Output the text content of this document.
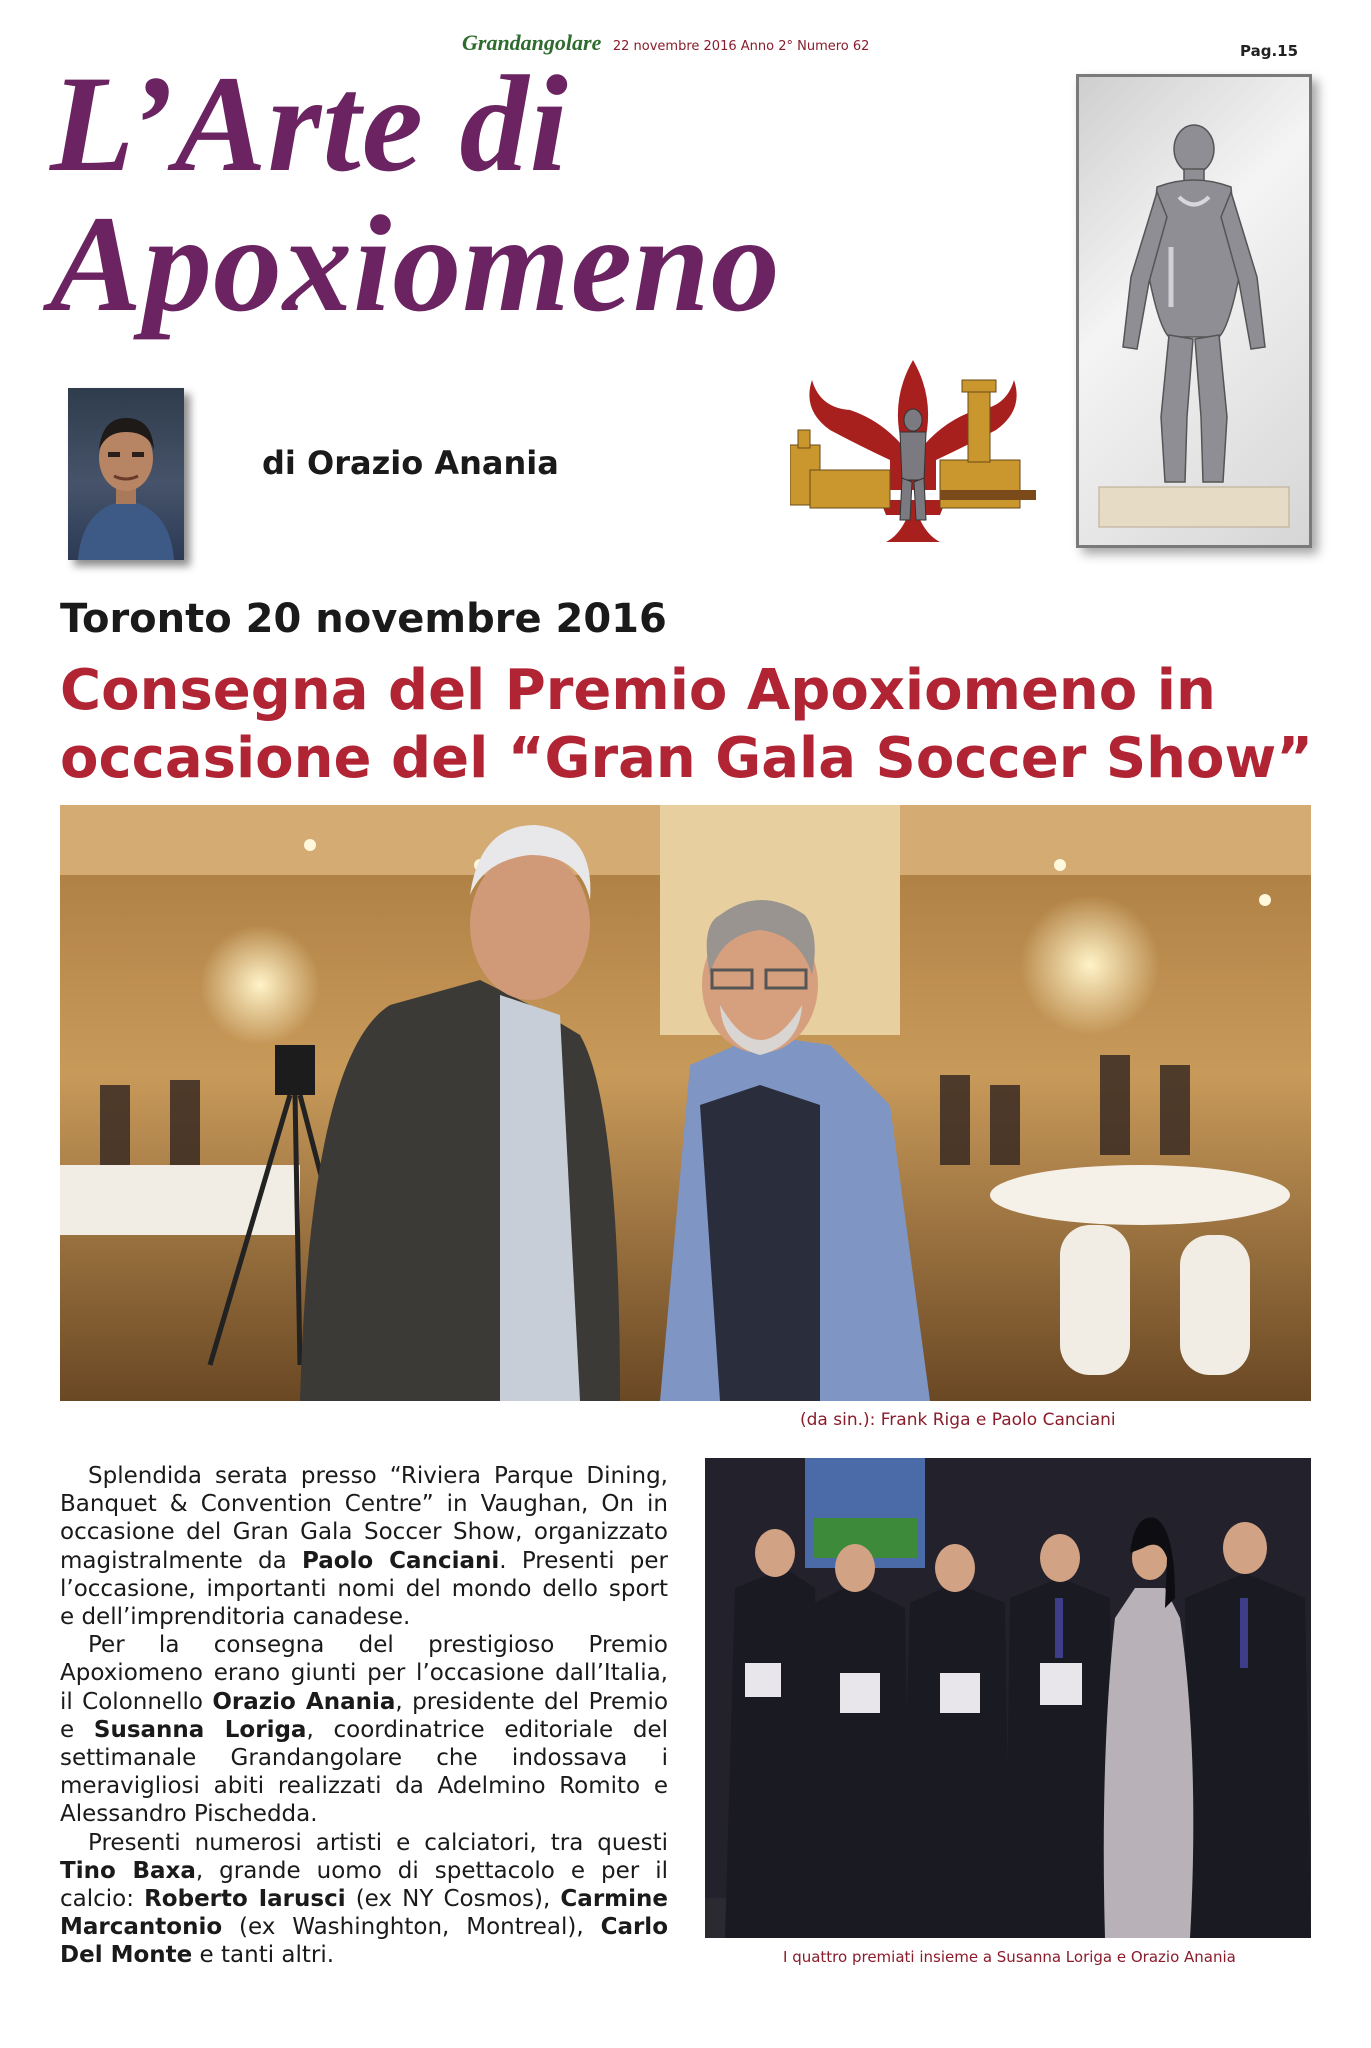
Grandangolare 22 novembre 2016 Anno 2° Numero 62	Pag.15
L’Arte di
Apoxiomeno
di Orazio Anania
Toronto 20 novembre 2016
Consegna del Premio Apoxiomeno in
occasione del “Gran Gala Soccer Show”
(da sin.): Frank Riga e Paolo Canciani

Splendida serata presso “Riviera Parque Dining, Banquet & Convention Centre” in Vaughan, On in occasione del Gran Gala Soccer Show, organizzato magistralmente da Paolo Canciani. Presenti per l’occasione, importanti nomi del mondo dello sport e dell’imprenditoria canadese.

Per la consegna del prestigioso Premio Apoxiomeno erano giunti per l’occasione dall’Italia, il Colonnello Orazio Anania, presidente del Premio e Susanna Loriga, coordinatrice editoriale del settimanale Grandangolare che indossava i meravigliosi abiti realizzati da Adelmino Romito e Alessandro Pischedda.

Presenti numerosi artisti e calciatori, tra questi Tino Baxa, grande uomo di spettacolo e per il calcio: Roberto Iarusci (ex NY Cosmos), Carmine Marcantonio (ex Washinghton, Montreal), Carlo Del Monte e tanti altri.	I quattro premiati insieme a Susanna Loriga e Orazio Anania
